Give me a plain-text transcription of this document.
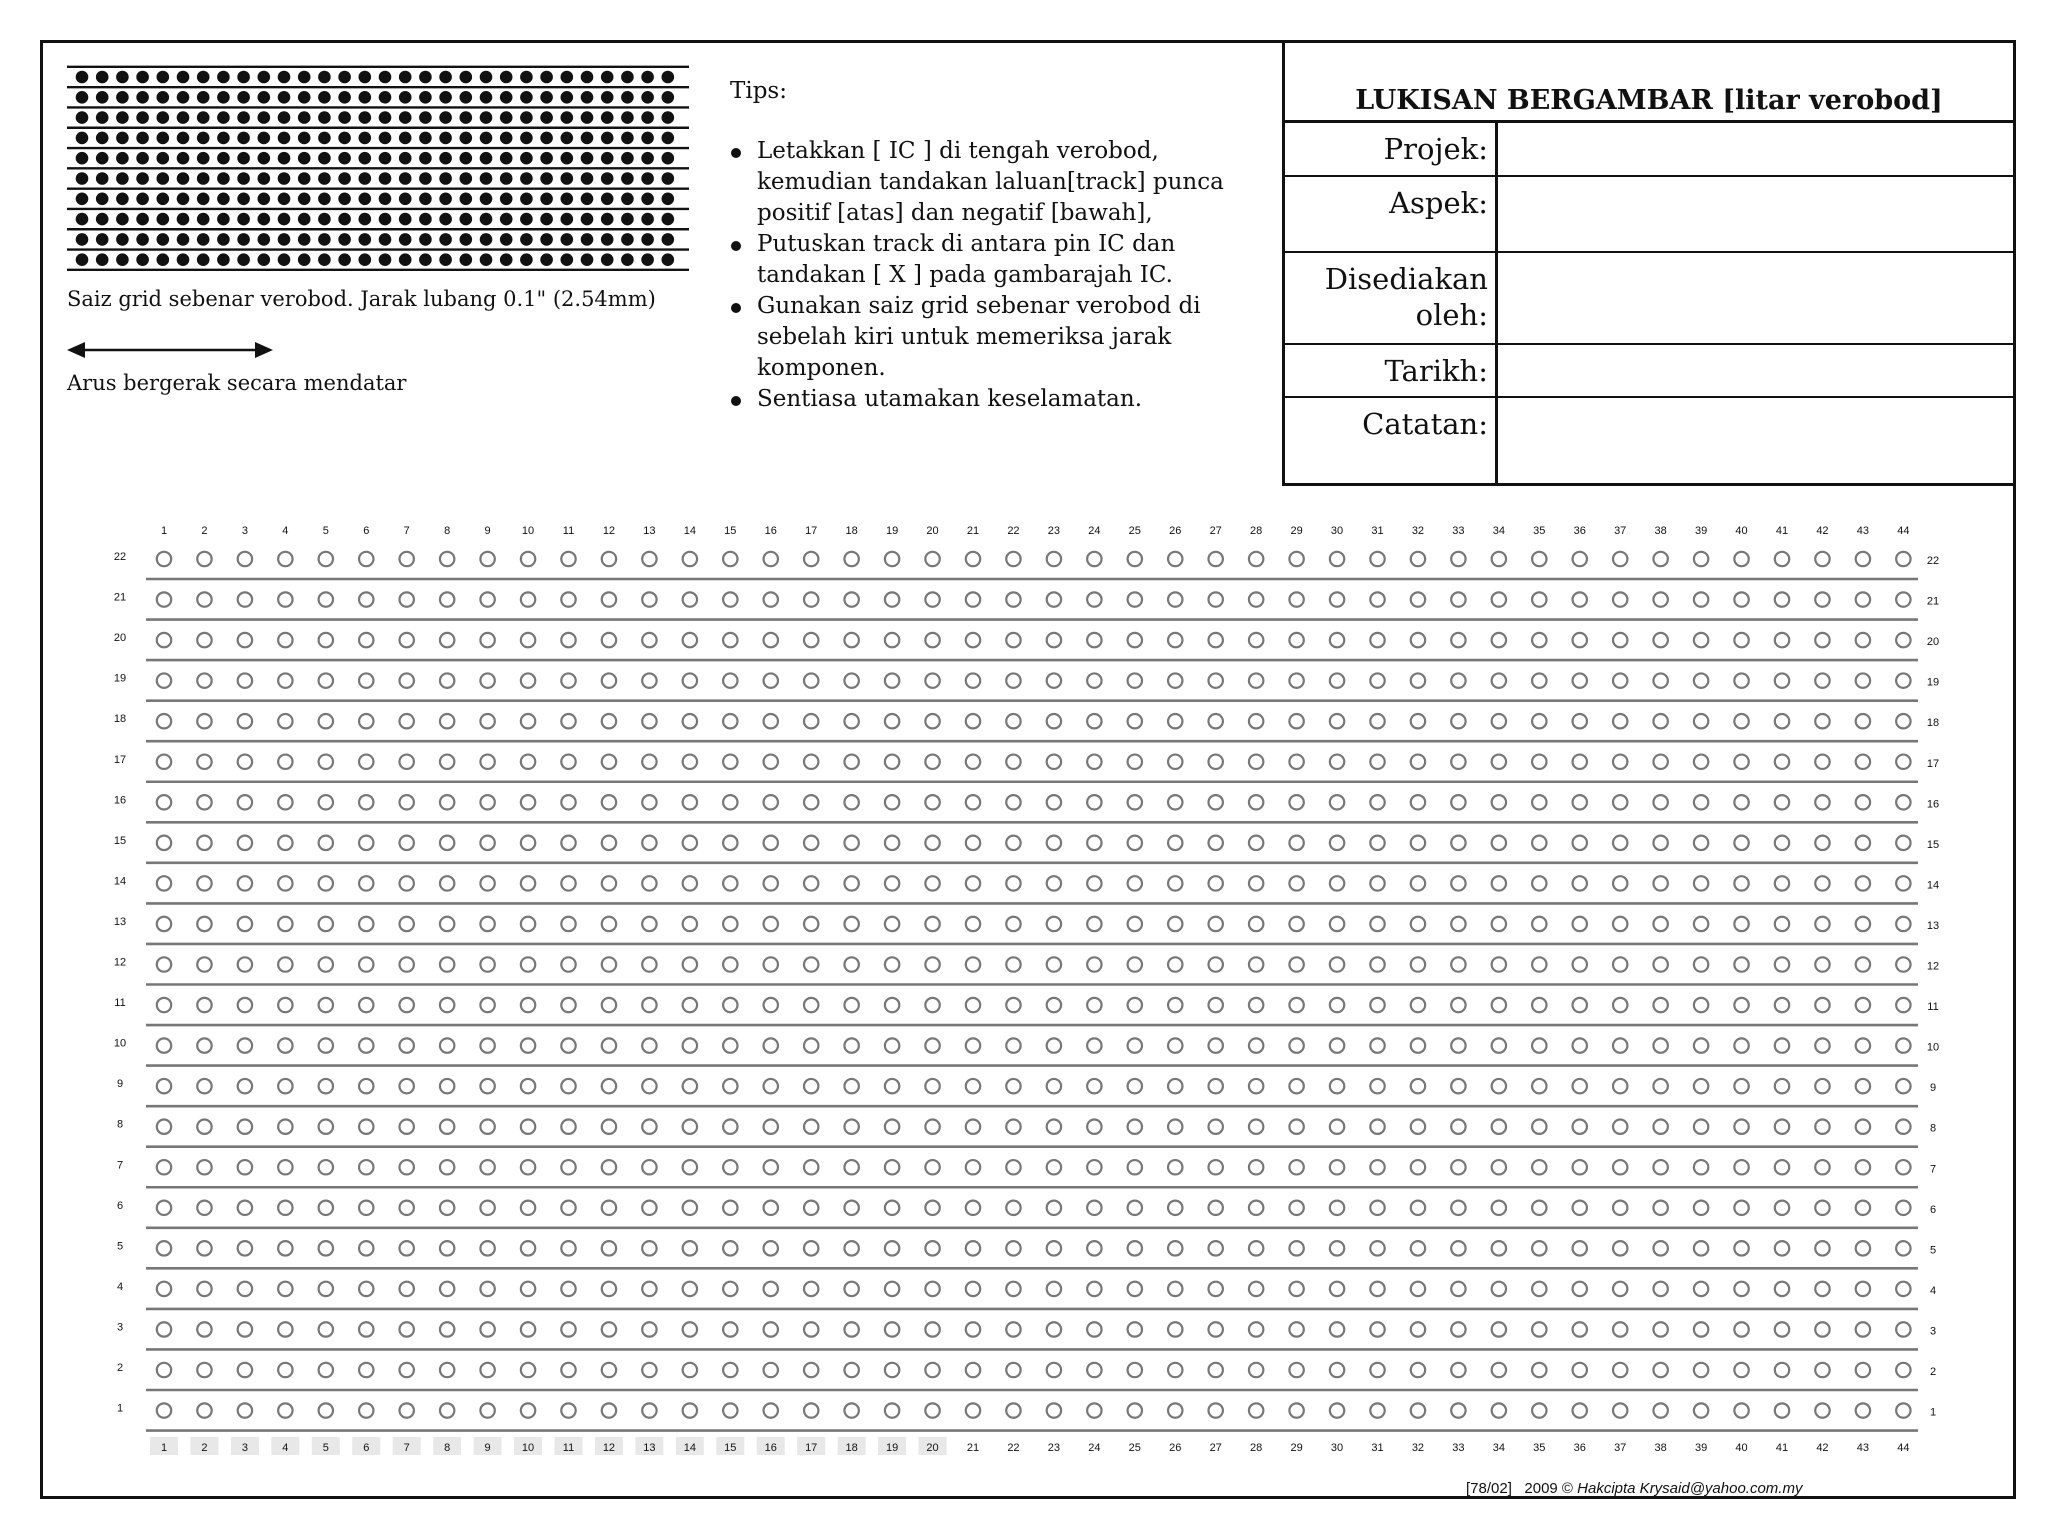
Saiz grid sebenar verobod. Jarak lubang 0.1" (2.54mm)
Arus bergerak secara mendatar
Tips:
Letakkan [ IC ] di tengah verobod, kemudian tandakan laluan[track] punca positif [atas] dan negatif [bawah],
Putuskan track di antara pin IC dan tandakan [ X ] pada gambarajah IC.
Gunakan saiz grid sebenar verobod di sebelah kiri untuk memeriksa jarak komponen.
Sentiasa utamakan keselamatan.
LUKISAN BERGAMBAR [litar verobod]
Projek:
Aspek:
Disediakan oleh:
Tarikh:
Catatan:
1
1
2
2
3
3
4
4
5
5
6
6
7
7
8
8
9
9
10
10
11
11
12
12
13
13
14
14
15
15
16
16
17
17
18
18
19
19
20
20
21
21
22
22
23
23
24
24
25
25
26
26
27
27
28
28
29
29
30
30
31
31
32
32
33
33
34
34
35
35
36
36
37
37
38
38
39
39
40
40
41
41
42
42
43
43
44
44
22	22
21	21
20	20
19	19
18	18
17	17
16	16
15	15
14	14
13	13
12	12
11	11
10	10
9	9
8	8
7	7
6	6
5	5
4	4
3	3
2	2
1	1
[78/02] 2009 © Hakcipta Krysaid@yahoo.com.my
